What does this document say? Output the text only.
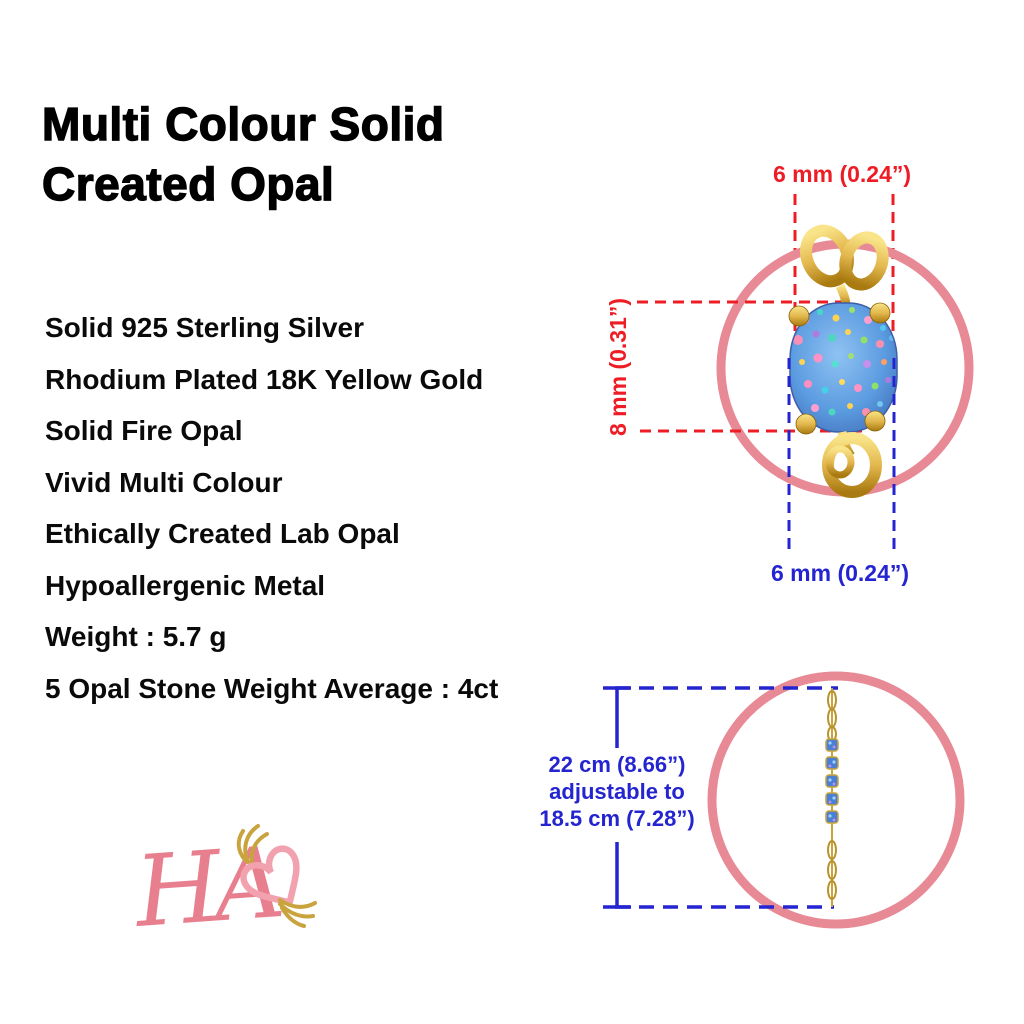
Multi Colour Solid
Created Opal
Solid 925 Sterling Silver
Rhodium Plated 18K Yellow Gold
Solid Fire Opal
Vivid Multi Colour
Ethically Created Lab Opal
Hypoallergenic Metal
Weight : 5.7 g
5 Opal Stone Weight Average : 4ct
6 mm (0.24”)
8 mm (0.31”)
6 mm (0.24”)
22 cm (8.66”)
adjustable to
18.5 cm (7.28”)
HA
